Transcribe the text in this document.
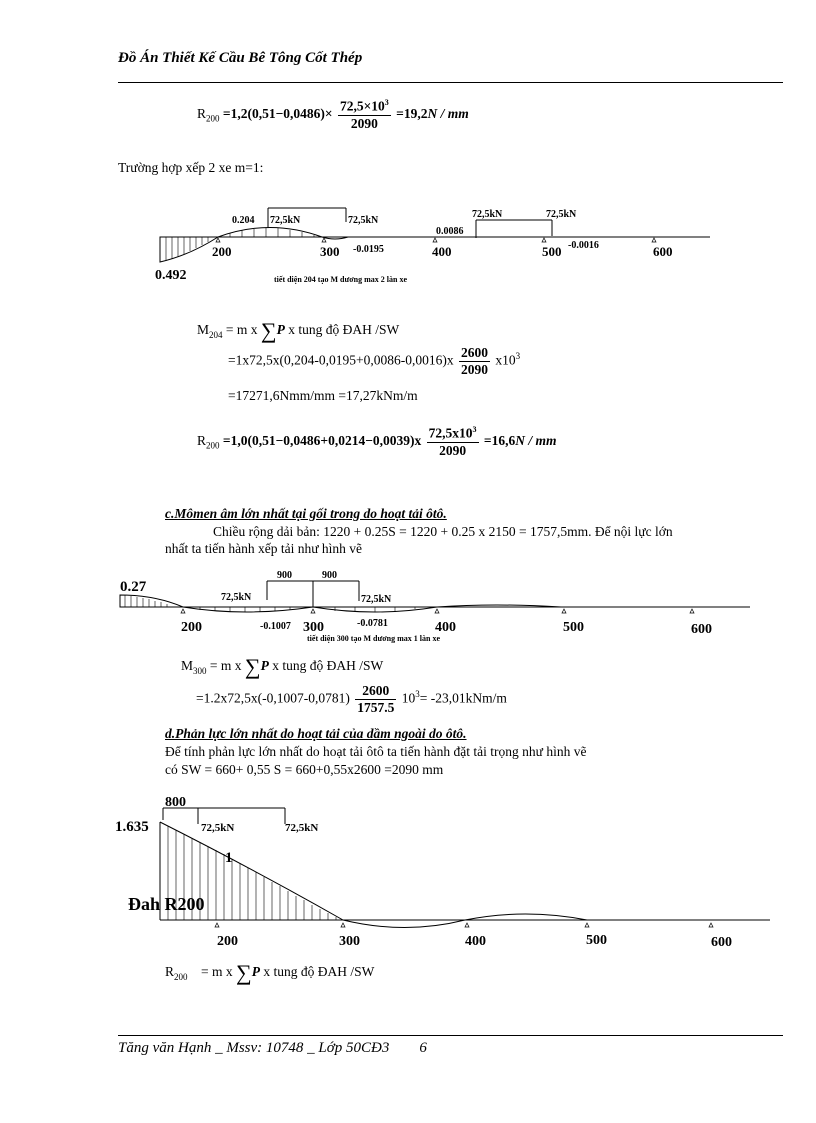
Đồ Án Thiết Kế Cầu Bê Tông Cốt Thép
$R_{200} =1,2(0,51-0,0486)\times \frac{72,5\times 10^3}{2090} =19,2N$ / mm
Trường hợp xếp 2 xe m=1:
0.492
0.204 72,5kN	72,5kN
-0.0195
72,5kN	72,5kN
0.0086
-0.0016
200	300	400	500	600
tiết diện 204 tạo M dương max 2 làn xe
$M_{204} = m$ x ∑P x tung độ ĐAH /SW
$=1x72,5x(0,204-0,0195+0,0086-0,0016)x \frac{2600}{2090} x10^3$
=17271,6Nmm/mm =17,27kNm/m
$R_{200} =1,0(0,51-0,0486+0,0214-0,0039)x \frac{72,5x10^3}{2090} =16,6N$ / mm
c.Mômen âm lớn nhất tại gối trong do hoạt tải ôtô.
Chiều rộng dải bản: 1220 + 0.25S = 1220 + 0.25 x 2150 = 1757,5mm. Để nội lực lớn
nhất ta tiến hành xếp tải như hình vẽ
0.27
900	900
72,5kN	72,5kN
-0.1007	-0.0781
200	300	400	500	600
tiết diện 300 tạo M dương max 1 làn xe
$M_{300} = m$ x ∑P x tung độ ĐAH /SW
$=1.2x72,5x(-0,1007-0,0781) \frac{2600}{1757.5} 10^3= -23,01kNm/m$
d.Phản lực lớn nhất do hoạt tải của dầm ngoài do ôtô.
Để tính phản lực lớn nhất do hoạt tải ôtô ta tiến hành đặt tải trọng như hình vẽ
có SW = 660+ 0,55 S = 660+0,55x2600 =2090 mm
800
1.635	72,5kN	72,5kN
1
Đah R200
200	300	400	500	600
$R_{200} = m$ x ∑P x tung độ ĐAH /SW
Tăng văn Hạnh _ Mssv: 10748 _ Lớp 50CĐ3 6
